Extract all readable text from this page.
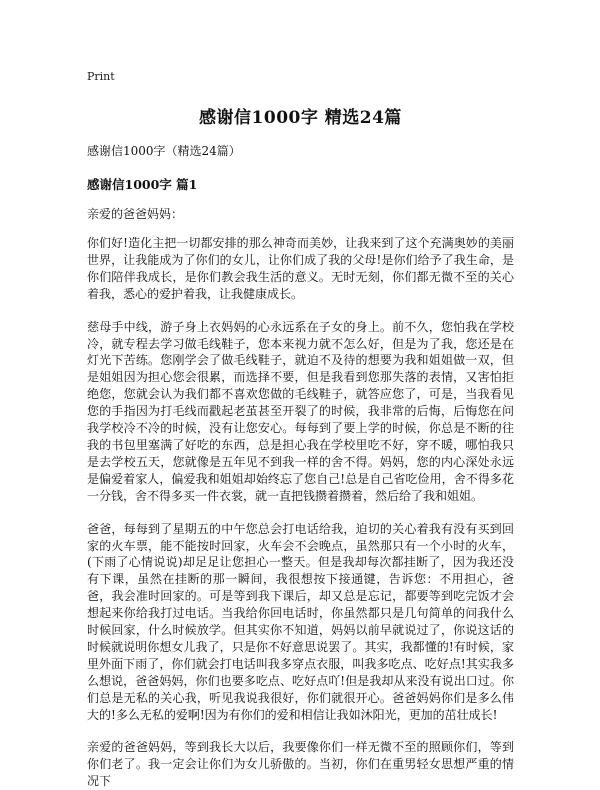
Print
感谢信1000字 精选24篇
感谢信1000字（精选24篇）
感谢信1000字 篇1
亲爱的爸爸妈妈：

你们好!造化主把一切都安排的那么神奇而美妙，让我来到了这个充满奥妙的美丽世界，让我能成为了你们的女儿，让你们成了我的父母!是你们给予了我生命，是你们陪伴我成长，是你们教会我生活的意义。无时无刻，你们都无微不至的关心着我，悉心的爱护着我，让我健康成长。

慈母手中线，游子身上衣妈妈的心永远系在子女的身上。前不久，您怕我在学校冷，就专程去学习做毛线鞋子，您本来视力就不怎么好，但是为了我，您还是在灯光下苦练。您刚学会了做毛线鞋子，就迫不及待的想要为我和姐姐做一双，但是姐姐因为担心您会很累，而选择不要，但是我看到您那失落的表情，又害怕拒绝您，您就会认为我们都不喜欢您做的毛线鞋子，就答应您了，可是，当我看见您的手指因为打毛线而戳起老茧甚至开裂了的时候，我非常的后悔，后悔您在问我学校冷不冷的时候，没有让您安心。每每到了要上学的时候，你总是不断的往我的书包里塞满了好吃的东西，总是担心我在学校里吃不好，穿不暖，哪怕我只是去学校五天，您就像是五年见不到我一样的舍不得。妈妈，您的内心深处永远是偏爱着家人，偏爱我和姐姐却始终忘了您自己!总是自己省吃俭用，舍不得多花一分钱，舍不得多买一件衣裳，就一直把钱攒着攒着，然后给了我和姐姐。

爸爸，每每到了星期五的中午您总会打电话给我，迫切的关心着我有没有买到回家的火车票，能不能按时回家，火车会不会晚点，虽然那只有一个小时的火车，(下雨了心情说说)却足足让您担心一整天。但是我却每次都挂断了，因为我还没有下课，虽然在挂断的那一瞬间，我很想按下接通键，告诉您：不用担心，爸爸，我会准时回家的。可是等到我下课后，却又总是忘记，都要等到吃完饭才会想起来你给我打过电话。当我给你回电话时，你虽然都只是几句简单的问我什么时候回家，什么时候放学。但其实你不知道，妈妈以前早就说过了，你说这话的时候就说明你想女儿我了，只是你不好意思说罢了。其实，我都懂的!有时候，家里外面下雨了，你们就会打电话叫我多穿点衣服，叫我多吃点、吃好点!其实我多么想说，爸爸妈妈，你们也要多吃点、吃好点吖!但是我却从来没有说出口过。你们总是无私的关心我，听见我说我很好，你们就很开心。爸爸妈妈你们是多么伟大的!多么无私的爱啊!因为有你们的爱和相信让我如沐阳光，更加的茁壮成长!

亲爱的爸爸妈妈，等到我长大以后，我要像你们一样无微不至的照顾你们，等到你们老了。我一定会让你们为女儿骄傲的。当初，你们在重男轻女思想严重的情况下
